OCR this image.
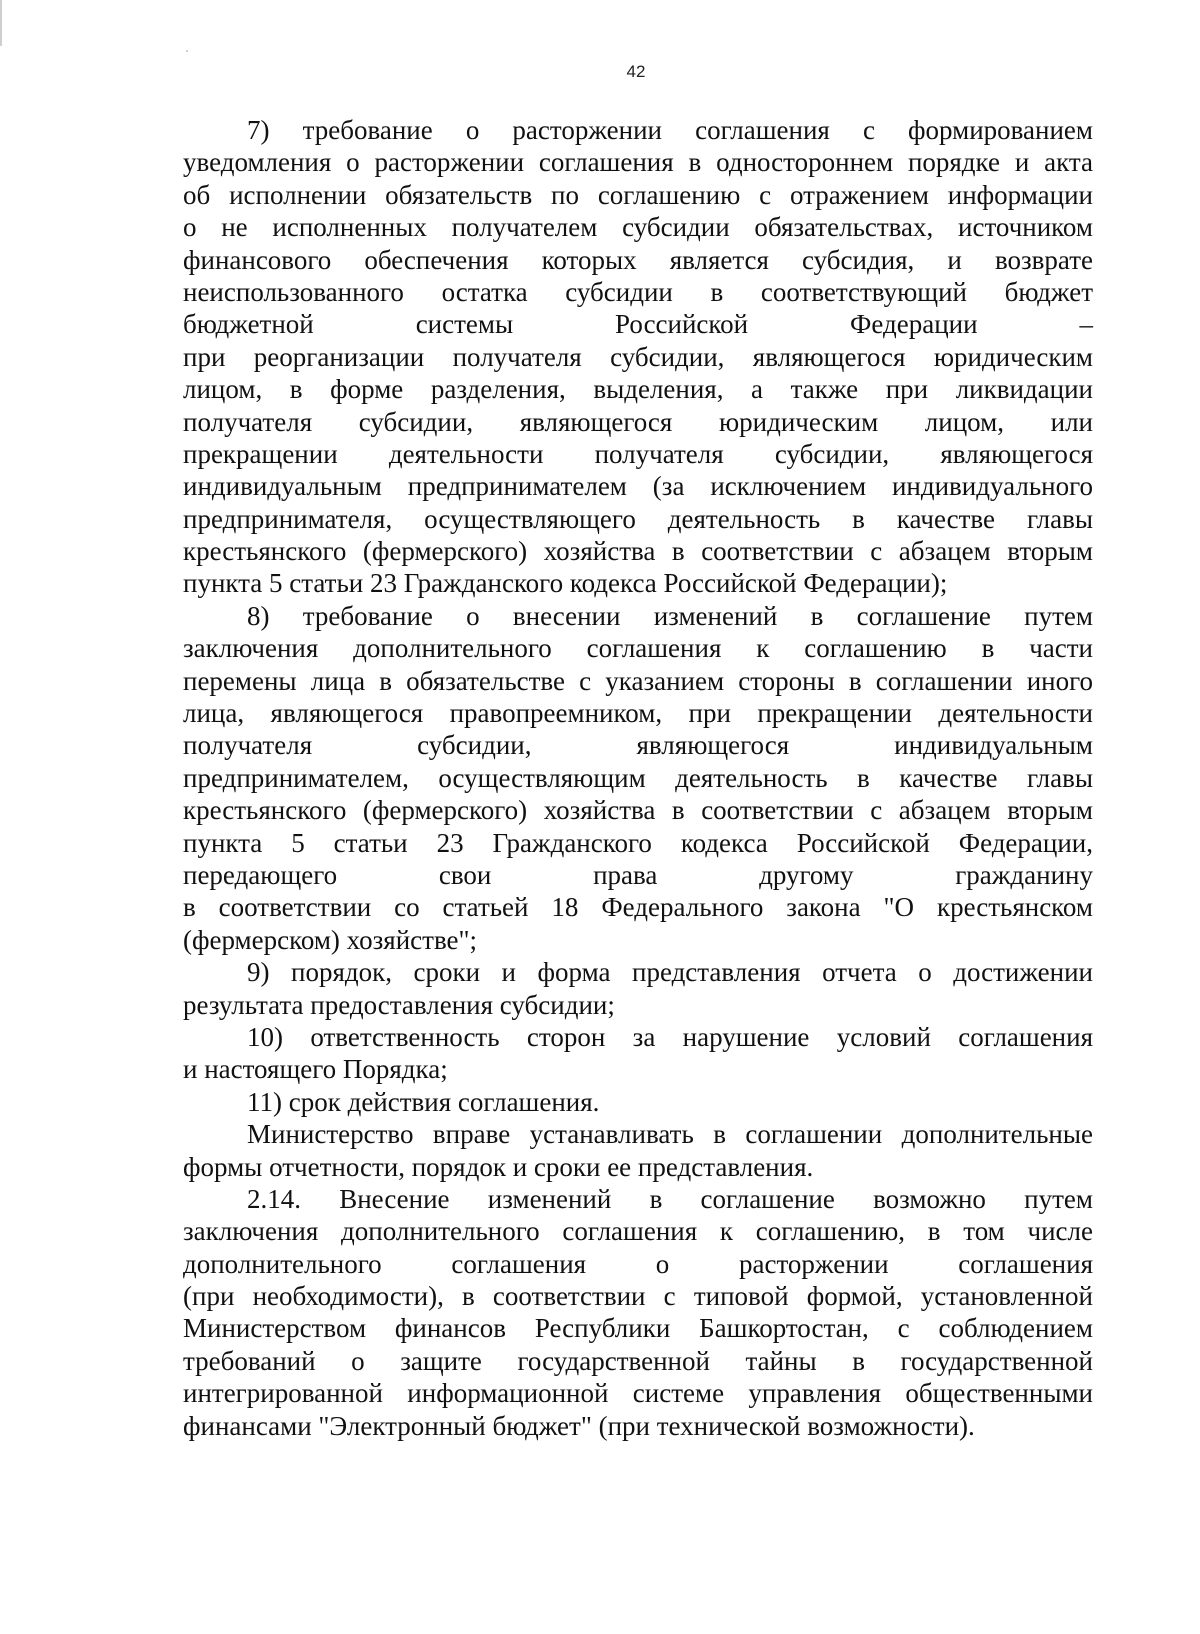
42
7) требование о расторжении соглашения с формированием
уведомления о расторжении соглашения в одностороннем порядке и акта
об исполнении обязательств по соглашению с отражением информации
о не исполненных получателем субсидии обязательствах, источником
финансового обеспечения которых является субсидия, и возврате
неиспользованного остатка субсидии в соответствующий бюджет
бюджетной системы Российской Федерации –
при реорганизации получателя субсидии, являющегося юридическим
лицом, в форме разделения, выделения, а также при ликвидации
получателя субсидии, являющегося юридическим лицом, или
прекращении деятельности получателя субсидии, являющегося
индивидуальным предпринимателем (за исключением индивидуального
предпринимателя, осуществляющего деятельность в качестве главы
крестьянского (фермерского) хозяйства в соответствии с абзацем вторым
пункта 5 статьи 23 Гражданского кодекса Российской Федерации);
8) требование о внесении изменений в соглашение путем
заключения дополнительного соглашения к соглашению в части
перемены лица в обязательстве с указанием стороны в соглашении иного
лица, являющегося правопреемником, при прекращении деятельности
получателя субсидии, являющегося индивидуальным
предпринимателем, осуществляющим деятельность в качестве главы
крестьянского (фермерского) хозяйства в соответствии с абзацем вторым
пункта 5 статьи 23 Гражданского кодекса Российской Федерации,
передающего свои права другому гражданину
в соответствии со статьей 18 Федерального закона "О крестьянском
(фермерском) хозяйстве";
9) порядок, сроки и форма представления отчета о достижении
результата предоставления субсидии;
10) ответственность сторон за нарушение условий соглашения
и настоящего Порядка;
11) срок действия соглашения.
Министерство вправе устанавливать в соглашении дополнительные
формы отчетности, порядок и сроки ее представления.
2.14. Внесение изменений в соглашение возможно путем
заключения дополнительного соглашения к соглашению, в том числе
дополнительного соглашения о расторжении соглашения
(при необходимости), в соответствии с типовой формой, установленной
Министерством финансов Республики Башкортостан, с соблюдением
требований о защите государственной тайны в государственной
интегрированной информационной системе управления общественными
финансами "Электронный бюджет" (при технической возможности).
